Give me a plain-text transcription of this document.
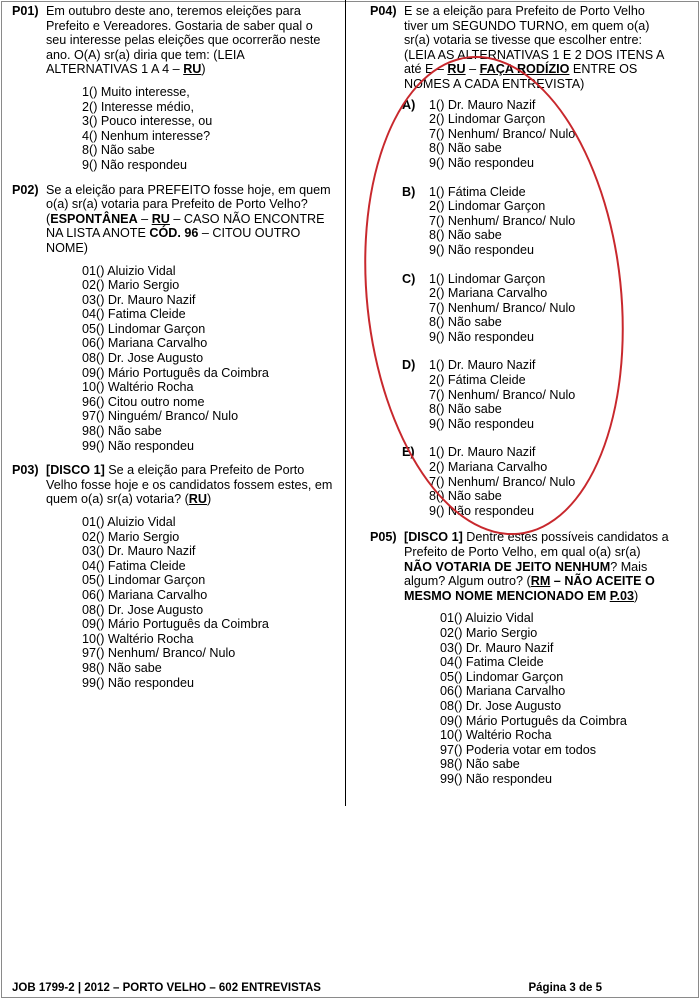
P01) Em outubro deste ano, teremos eleições para Prefeito e Vereadores. Gostaria de saber qual o seu interesse pelas eleições que ocorrerão neste ano. O(A) sr(a) diria que tem: (LEIA ALTERNATIVAS 1 A 4 – RU)
1() Muito interesse,
2() Interesse médio,
3() Pouco interesse, ou
4() Nenhum interesse?
8() Não sabe
9() Não respondeu
P02) Se a eleição para PREFEITO fosse hoje, em quem o(a) sr(a) votaria para Prefeito de Porto Velho? (ESPONTÂNEA – RU – CASO NÃO ENCONTRE NA LISTA ANOTE CÓD. 96 – CITOU OUTRO NOME)
01() Aluizio Vidal
02() Mario Sergio
03() Dr. Mauro Nazif
04() Fatima Cleide
05() Lindomar Garçon
06() Mariana Carvalho
08() Dr. Jose Augusto
09() Mário Português da Coimbra
10() Waltério Rocha
96() Citou outro nome
97() Ninguém/ Branco/ Nulo
98() Não sabe
99() Não respondeu
P03) [DISCO 1] Se a eleição para Prefeito de Porto Velho fosse hoje e os candidatos fossem estes, em quem o(a) sr(a) votaria? (RU)
01() Aluizio Vidal
02() Mario Sergio
03() Dr. Mauro Nazif
04() Fatima Cleide
05() Lindomar Garçon
06() Mariana Carvalho
08() Dr. Jose Augusto
09() Mário Português da Coimbra
10() Waltério Rocha
97() Nenhum/ Branco/ Nulo
98() Não sabe
99() Não respondeu
P04) E se a eleição para Prefeito de Porto Velho tiver um SEGUNDO TURNO, em quem o(a) sr(a) votaria se tivesse que escolher entre: (LEIA AS ALTERNATIVAS 1 E 2 DOS ITENS A até E – RU – FAÇA RODÍZIO ENTRE OS NOMES A CADA ENTREVISTA)
A) 1() Dr. Mauro Nazif
2() Lindomar Garçon
7() Nenhum/ Branco/ Nulo
8() Não sabe
9() Não respondeu
B) 1() Fátima Cleide
2() Lindomar Garçon
7() Nenhum/ Branco/ Nulo
8() Não sabe
9() Não respondeu
C) 1() Lindomar Garçon
2() Mariana Carvalho
7() Nenhum/ Branco/ Nulo
8() Não sabe
9() Não respondeu
D) 1() Dr. Mauro Nazif
2() Fátima Cleide
7() Nenhum/ Branco/ Nulo
8() Não sabe
9() Não respondeu
E) 1() Dr. Mauro Nazif
2() Mariana Carvalho
7() Nenhum/ Branco/ Nulo
8() Não sabe
9() Não respondeu
P05) [DISCO 1] Dentre estes possíveis candidatos a Prefeito de Porto Velho, em qual o(a) sr(a) NÃO VOTARIA DE JEITO NENHUM? Mais algum? Algum outro? (RM – NÃO ACEITE O MESMO NOME MENCIONADO EM P.03)
01() Aluizio Vidal
02() Mario Sergio
03() Dr. Mauro Nazif
04() Fatima Cleide
05() Lindomar Garçon
06() Mariana Carvalho
08() Dr. Jose Augusto
09() Mário Português da Coimbra
10() Waltério Rocha
97() Poderia votar em todos
98() Não sabe
99() Não respondeu
JOB 1799-2 | 2012 – PORTO VELHO – 602 ENTREVISTAS	Página 3 de 5
